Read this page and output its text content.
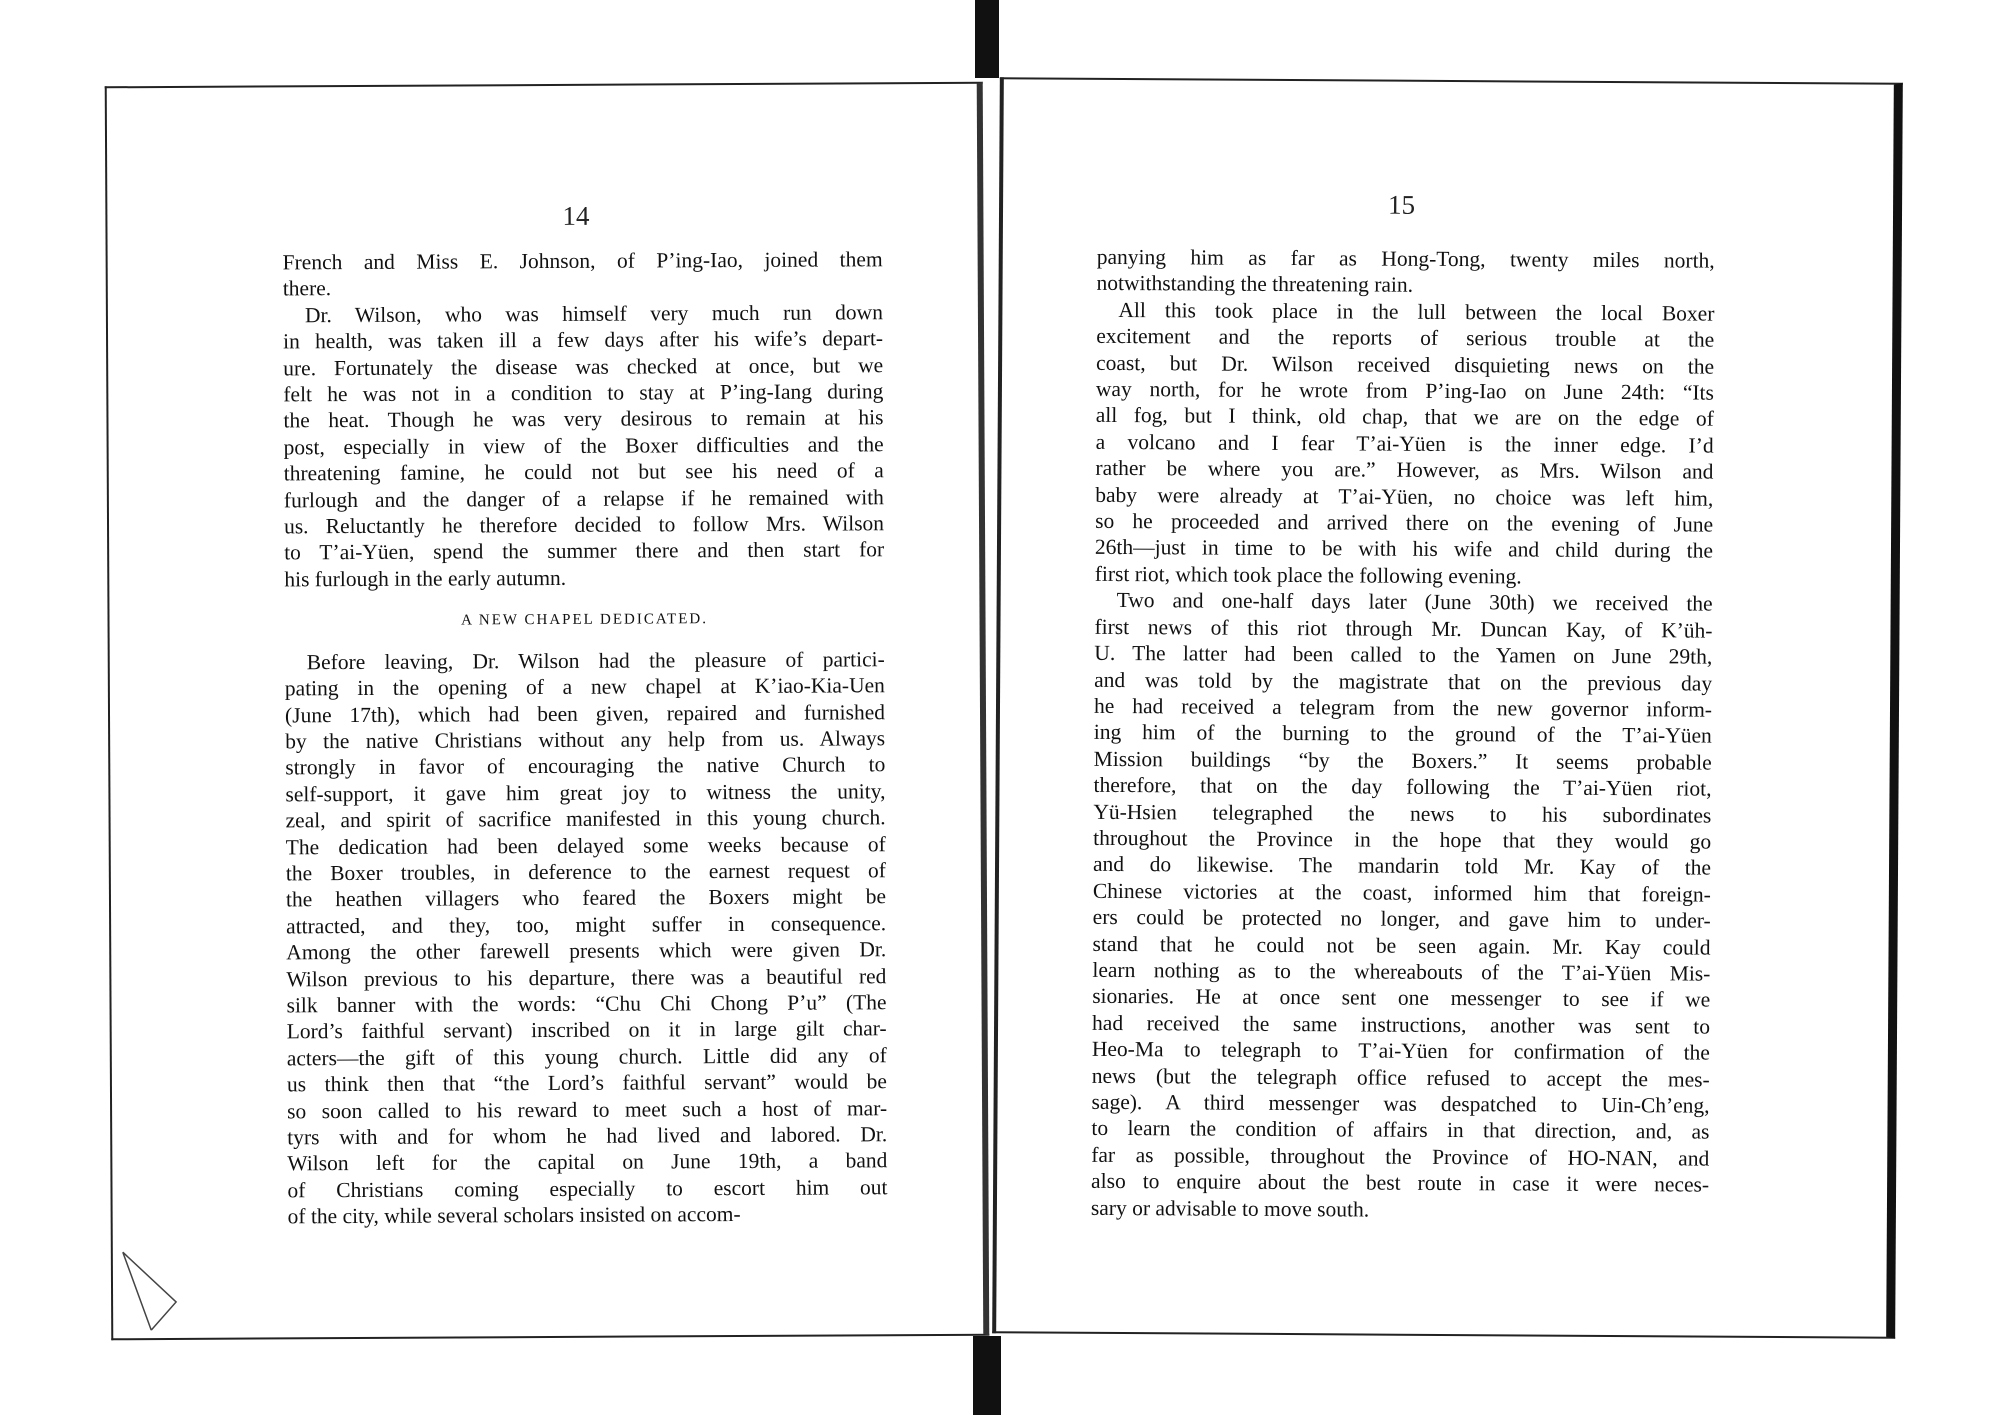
14
French and Miss E. Johnson, of P’ing-Iao, joined them
there.
Dr. Wilson, who was himself very much run down
in health, was taken ill a few days after his wife’s depart-
ure. Fortunately the disease was checked at once, but we
felt he was not in a condition to stay at P’ing-Iang during
the heat. Though he was very desirous to remain at his
post, especially in view of the Boxer difficulties and the
threatening famine, he could not but see his need of a
furlough and the danger of a relapse if he remained with
us. Reluctantly he therefore decided to follow Mrs. Wilson
to T’ai-Yüen, spend the summer there and then start for
his furlough in the early autumn.
A NEW CHAPEL DEDICATED.
Before leaving, Dr. Wilson had the pleasure of partici-
pating in the opening of a new chapel at K’iao-Kia-Uen
(June 17th), which had been given, repaired and furnished
by the native Christians without any help from us. Always
strongly in favor of encouraging the native Church to
self-support, it gave him great joy to witness the unity,
zeal, and spirit of sacrifice manifested in this young church.
The dedication had been delayed some weeks because of
the Boxer troubles, in deference to the earnest request of
the heathen villagers who feared the Boxers might be
attracted, and they, too, might suffer in consequence.
Among the other farewell presents which were given Dr.
Wilson previous to his departure, there was a beautiful red
silk banner with the words: “Chu Chi Chong P’u” (The
Lord’s faithful servant) inscribed on it in large gilt char-
acters—the gift of this young church. Little did any of
us think then that “the Lord’s faithful servant” would be
so soon called to his reward to meet such a host of mar-
tyrs with and for whom he had lived and labored. Dr.
Wilson left for the capital on June 19th, a band
of Christians coming especially to escort him out
of the city, while several scholars insisted on accom-
15
panying him as far as Hong-Tong, twenty miles north,
notwithstanding the threatening rain.
All this took place in the lull between the local Boxer
excitement and the reports of serious trouble at the
coast, but Dr. Wilson received disquieting news on the
way north, for he wrote from P’ing-Iao on June 24th: “Its
all fog, but I think, old chap, that we are on the edge of
a volcano and I fear T’ai-Yüen is the inner edge. I’d
rather be where you are.” However, as Mrs. Wilson and
baby were already at T’ai-Yüen, no choice was left him,
so he proceeded and arrived there on the evening of June
26th—just in time to be with his wife and child during the
first riot, which took place the following evening.
Two and one-half days later (June 30th) we received the
first news of this riot through Mr. Duncan Kay, of K’üh-
U. The latter had been called to the Yamen on June 29th,
and was told by the magistrate that on the previous day
he had received a telegram from the new governor inform-
ing him of the burning to the ground of the T’ai-Yüen
Mission buildings “by the Boxers.” It seems probable
therefore, that on the day following the T’ai-Yüen riot,
Yü-Hsien telegraphed the news to his subordinates
throughout the Province in the hope that they would go
and do likewise. The mandarin told Mr. Kay of the
Chinese victories at the coast, informed him that foreign-
ers could be protected no longer, and gave him to under-
stand that he could not be seen again. Mr. Kay could
learn nothing as to the whereabouts of the T’ai-Yüen Mis-
sionaries. He at once sent one messenger to see if we
had received the same instructions, another was sent to
Heo-Ma to telegraph to T’ai-Yüen for confirmation of the
news (but the telegraph office refused to accept the mes-
sage). A third messenger was despatched to Uin-Ch’eng,
to learn the condition of affairs in that direction, and, as
far as possible, throughout the Province of HO-NAN, and
also to enquire about the best route in case it were neces-
sary or advisable to move south.
